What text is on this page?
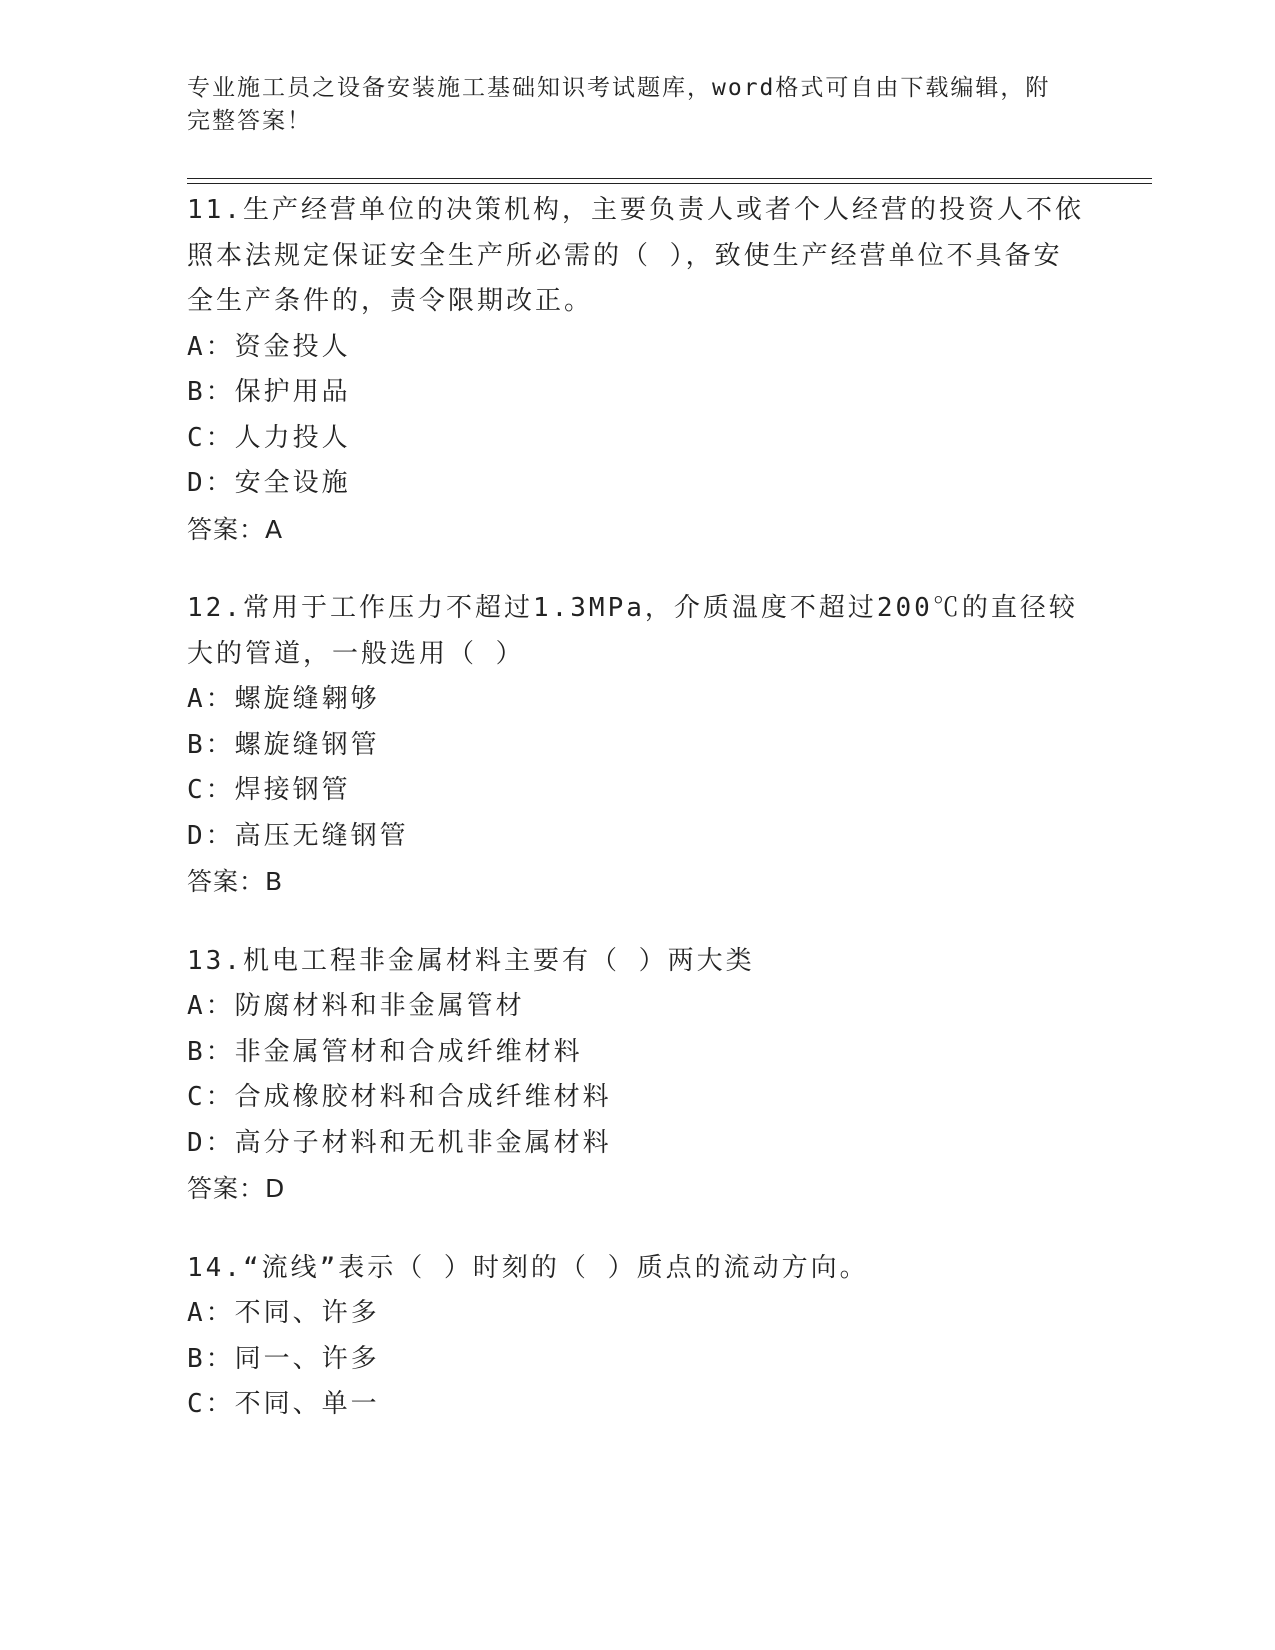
专业施工员之设备安装施工基础知识考试题库，word格式可自由下载编辑，附完整答案！
11.生产经营单位的决策机构，主要负责人或者个人经营的投资人不依照本法规定保证安全生产所必需的（ ），致使生产经营单位不具备安全生产条件的，责令限期改正。
A：资金投人
B：保护用品
C：人力投人
D：安全设施
答案：A
12.常用于工作压力不超过1.3MPa，介质温度不超过200℃的直径较大的管道，一般选用（ ）
A：螺旋缝翱够
B：螺旋缝钢管
C：焊接钢管
D：高压无缝钢管
答案：B
13.机电工程非金属材料主要有（ ）两大类
A：防腐材料和非金属管材
B：非金属管材和合成纤维材料
C：合成橡胶材料和合成纤维材料
D：高分子材料和无机非金属材料
答案：D
14.“流线”表示（ ）时刻的（ ）质点的流动方向。
A：不同、许多
B：同一、许多
C：不同、单一
